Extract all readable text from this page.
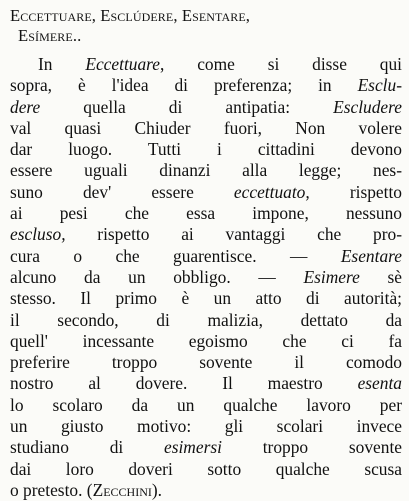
Eccettuare, Esclúdere, Esentare,
Esímere..

In Eccettuare, come si disse qui
sopra, è l'idea di preferenza; in Esclu-
dere quella di antipatia: Escludere
val quasi Chiuder fuori, Non volere
dar luogo. Tutti i cittadini devono
essere uguali dinanzi alla legge; nes-
suno dev' essere eccettuato, rispetto
ai pesi che essa impone, nessuno
escluso, rispetto ai vantaggi che pro-
cura o che guarentisce. — Esentare
alcuno da un obbligo. — Esimere sè
stesso. Il primo è un atto di autorità;
il secondo, di malizia, dettato da
quell' incessante egoismo che ci fa
preferire troppo sovente il comodo
nostro al dovere. Il maestro esenta
lo scolaro da un qualche lavoro per
un giusto motivo: gli scolari invece
studiano di esimersi troppo sovente
dai loro doveri sotto qualche scusa
o pretesto. (Zecchini).
